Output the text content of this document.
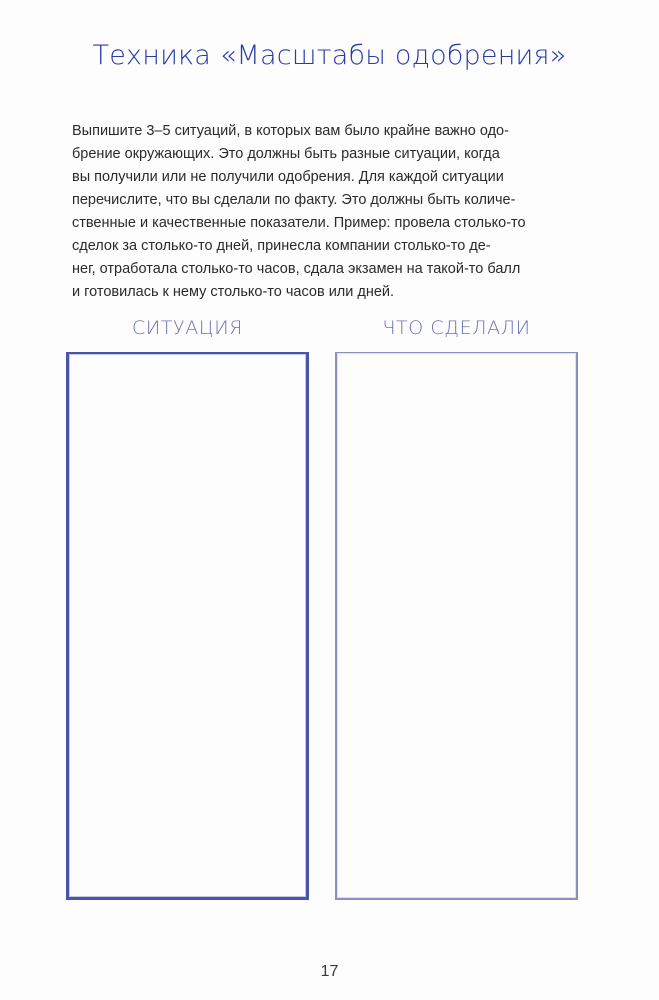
Техника «Масштабы одобрения»
Выпишите 3–5 ситуаций, в которых вам было крайне важно одо-
брение окружающих. Это должны быть разные ситуации, когда
вы получили или не получили одобрения. Для каждой ситуации
перечислите, что вы сделали по факту. Это должны быть количе-
ственные и качественные показатели. Пример: провела столько-то
сделок за столько-то дней, принесла компании столько-то де-
нег, отработала столько-то часов, сдала экзамен на такой-то балл
и готовилась к нему столько-то часов или дней.
СИТУАЦИЯ	ЧТО СДЕЛАЛИ
17
